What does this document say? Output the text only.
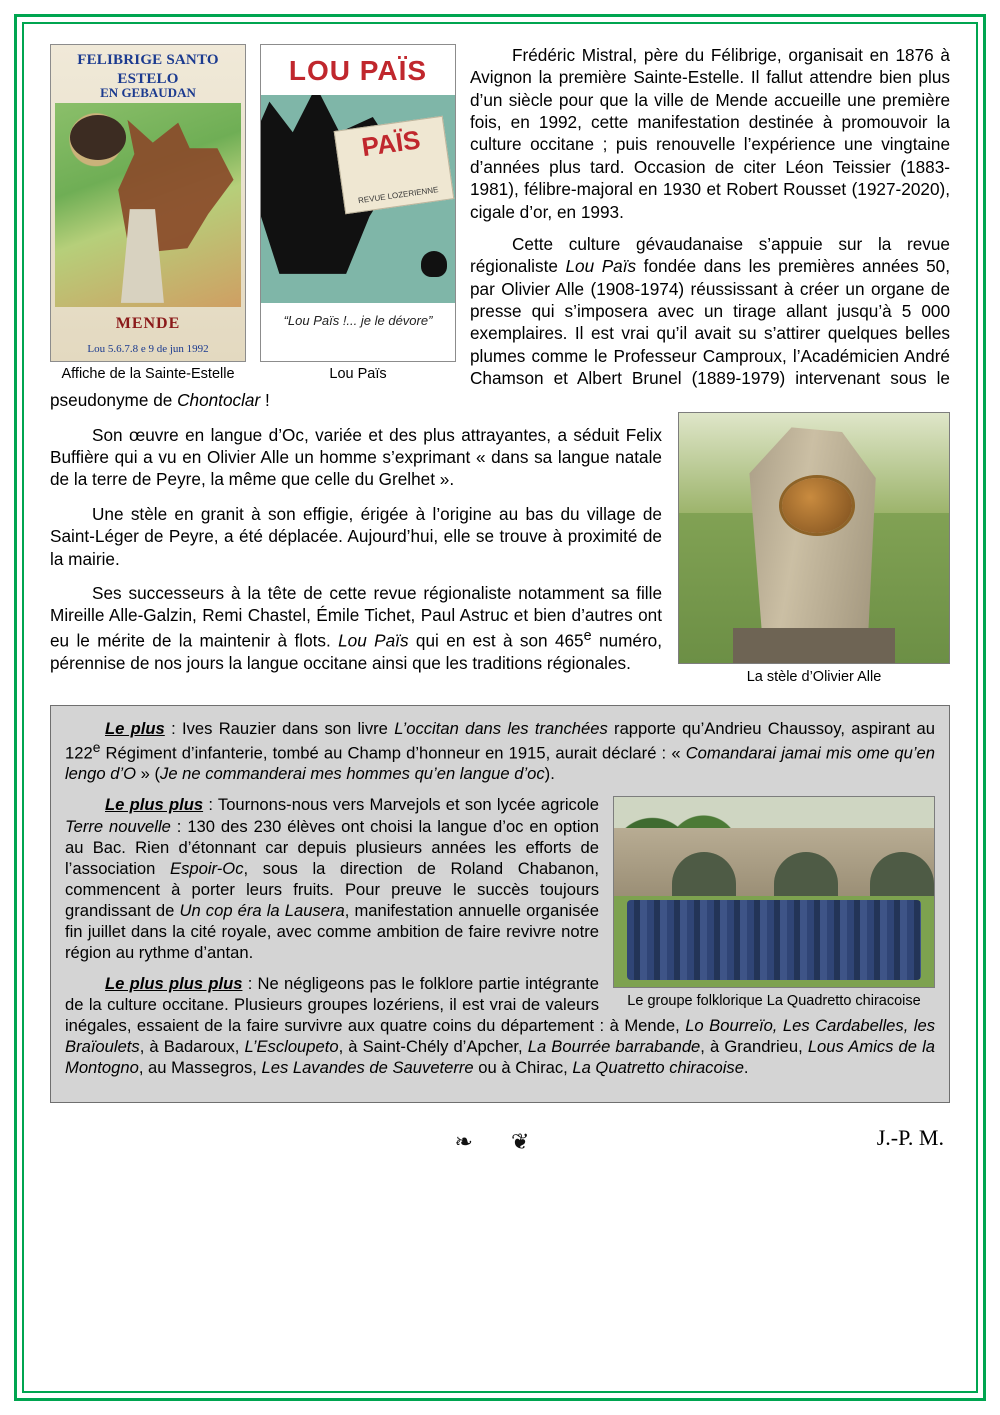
FELIBRIGE SANTO ESTELO
EN GEBAUDAN
MENDE
Lou 5.6.7.8 e 9 de jun 1992
Affiche de la Sainte-Estelle
LOU PAÏS
PAÏS
REVUE LOZERIENNE
“Lou Païs !... je le dévore”
Lou Païs

Frédéric Mistral, père du Félibrige, organisait en 1876 à Avignon la première Sainte-Estelle. Il fallut attendre bien plus d’un siècle pour que la ville de Mende accueille une première fois, en 1992, cette manifestation destinée à promouvoir la culture occitane ; puis renouvelle l’expérience une vingtaine d’années plus tard. Occasion de citer Léon Teissier (1883-1981), félibre-majoral en 1930 et Robert Rousset (1927-2020), cigale d’or, en 1993.

Cette culture gévaudanaise s’appuie sur la revue régionaliste Lou Païs fondée dans les premières années 50, par Olivier Alle (1908-1974) réussissant à créer un organe de presse qui s’imposera avec un tirage allant jusqu’à 5 000 exemplaires. Il est vrai qu’il avait su s’attirer quelques belles plumes comme le Professeur Camproux, l’Académicien André Chamson et Albert Brunel (1889-1979) intervenant sous le pseudonyme de Chontoclar !

La stèle d’Olivier Alle

Son œuvre en langue d’Oc, variée et des plus attrayantes, a séduit Felix Buffière qui a vu en Olivier Alle un homme s’exprimant « dans sa langue natale de la terre de Peyre, la même que celle du Grelhet ».

Une stèle en granit à son effigie, érigée à l’origine au bas du village de Saint-Léger de Peyre, a été déplacée. Aujourd’hui, elle se trouve à proximité de la mairie.

Ses successeurs à la tête de cette revue régionaliste notamment sa fille Mireille Alle-Galzin, Remi Chastel, Émile Tichet, Paul Astruc et bien d’autres ont eu le mérite de la maintenir à flots. Lou Païs qui en est à son 465e numéro, pérennise de nos jours la langue occitane ainsi que les traditions régionales.

Le plus : Ives Rauzier dans son livre L’occitan dans les tranchées rapporte qu’Andrieu Chaussoy, aspirant au 122e Régiment d’infanterie, tombé au Champ d’honneur en 1915, aurait déclaré : « Comandarai jamai mis ome qu’en lengo d’O » (Je ne commanderai mes hommes qu’en langue d’oc).

Le groupe folklorique La Quadretto chiracoise

Le plus plus : Tournons-nous vers Marvejols et son lycée agricole Terre nouvelle : 130 des 230 élèves ont choisi la langue d’oc en option au Bac. Rien d’étonnant car depuis plusieurs années les efforts de l’association Espoir-Oc, sous la direction de Roland Chabanon, commencent à porter leurs fruits. Pour preuve le succès toujours grandissant de Un cop éra la Lausera, manifestation annuelle organisée fin juillet dans la cité royale, avec comme ambition de faire revivre notre région au rythme d’antan.

Le plus plus plus : Ne négligeons pas le folklore partie intégrante de la culture occitane. Plusieurs groupes lozériens, il est vrai de valeurs inégales, essaient de la faire survivre aux quatre coins du département : à Mende, Lo Bourreïo, Les Cardabelles, les Braïoulets, à Badaroux, L’Escloupeto, à Saint-Chély d’Apcher, La Bourrée barrabande, à Grandrieu, Lous Amics de la Montogno, au Massegros, Les Lavandes de Sauveterre ou à Chirac, La Quatretto chiracoise.

❧ ❦	J.-P. M.
